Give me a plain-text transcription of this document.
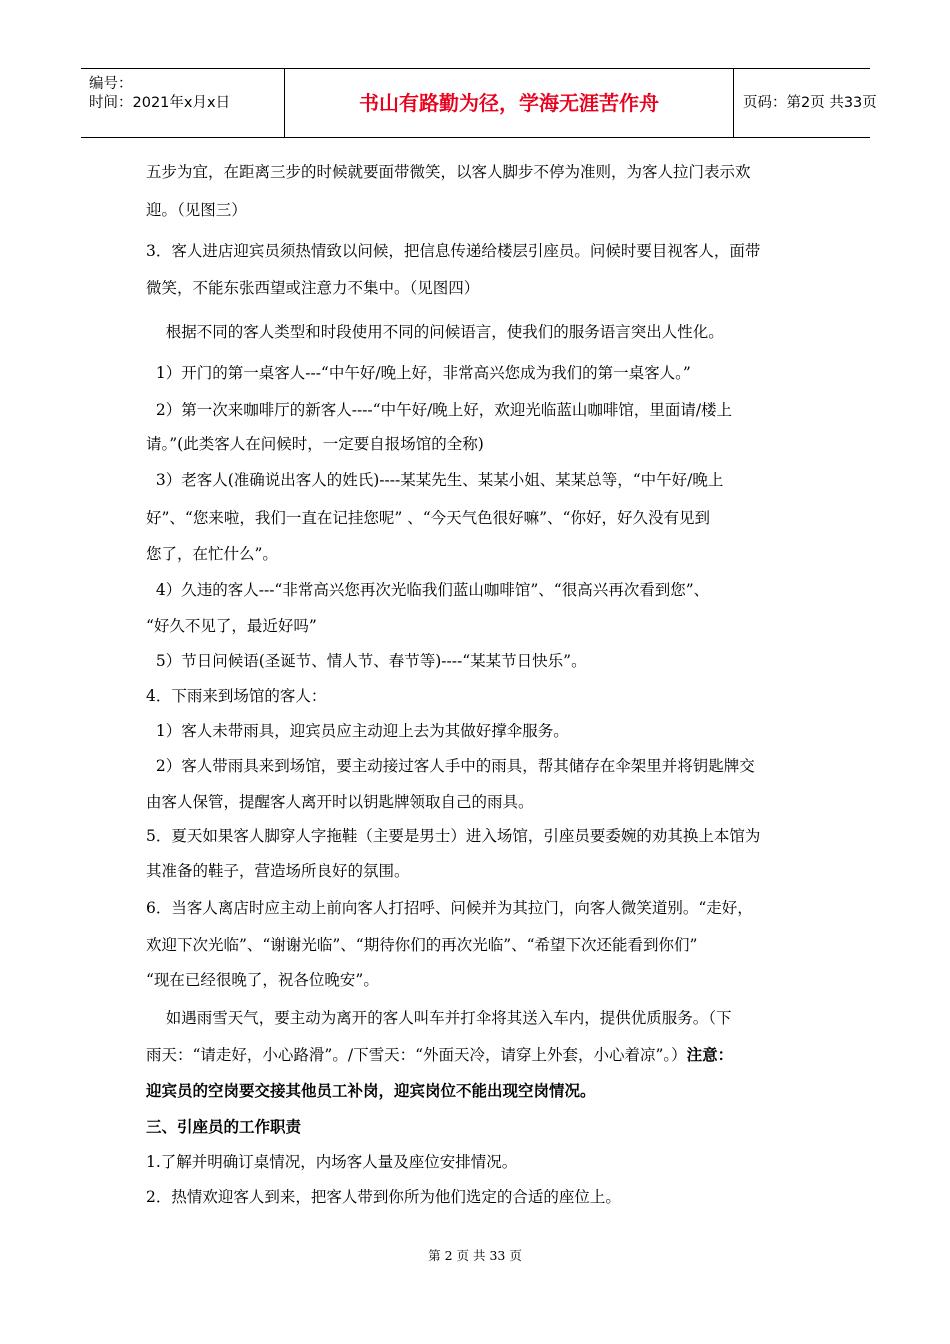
编号：
时间：2021年x月x日	书山有路勤为径，学海无涯苦作舟	页码：第2页 共33页
五步为宜，在距离三步的时候就要面带微笑，以客人脚步不停为准则，为客人拉门表示欢
迎。（见图三）
3．客人进店迎宾员须热情致以问候，把信息传递给楼层引座员。问候时要目视客人，面带
微笑，不能东张西望或注意力不集中。（见图四）
根据不同的客人类型和时段使用不同的问候语言，使我们的服务语言突出人性化。
1）开门的第一桌客人---“中午好/晚上好，非常高兴您成为我们的第一桌客人。”
2）第一次来咖啡厅的新客人----“中午好/晚上好，欢迎光临蓝山咖啡馆，里面请/楼上
请。”(此类客人在问候时，一定要自报场馆的全称)
3）老客人(准确说出客人的姓氏)----某某先生、某某小姐、某某总等，“中午好/晚上
好”、“您来啦，我们一直在记挂您呢” 、“今天气色很好嘛”、“你好，好久没有见到
您了，在忙什么”。
4）久违的客人---“非常高兴您再次光临我们蓝山咖啡馆”、“很高兴再次看到您”、
“好久不见了，最近好吗”
5）节日问候语(圣诞节、情人节、春节等)----“某某节日快乐”。
4．下雨来到场馆的客人：
1）客人未带雨具，迎宾员应主动迎上去为其做好撑伞服务。
2）客人带雨具来到场馆，要主动接过客人手中的雨具，帮其储存在伞架里并将钥匙牌交
由客人保管，提醒客人离开时以钥匙牌领取自己的雨具。
5．夏天如果客人脚穿人字拖鞋（主要是男士）进入场馆，引座员要委婉的劝其换上本馆为
其准备的鞋子，营造场所良好的氛围。
6．当客人离店时应主动上前向客人打招呼、问候并为其拉门，向客人微笑道别。“走好，
欢迎下次光临”、“谢谢光临”、“期待你们的再次光临”、“希望下次还能看到你们”
“现在已经很晚了，祝各位晚安”。
如遇雨雪天气，要主动为离开的客人叫车并打伞将其送入车内，提供优质服务。（下
雨天：“请走好，小心路滑”。/下雪天：“外面天冷，请穿上外套，小心着凉”。）注意：
迎宾员的空岗要交接其他员工补岗，迎宾岗位不能出现空岗情况。
三、引座员的工作职责
1.了解并明确订桌情况，内场客人量及座位安排情况。
2．热情欢迎客人到来，把客人带到你所为他们选定的合适的座位上。
第 2 页 共 33 页
